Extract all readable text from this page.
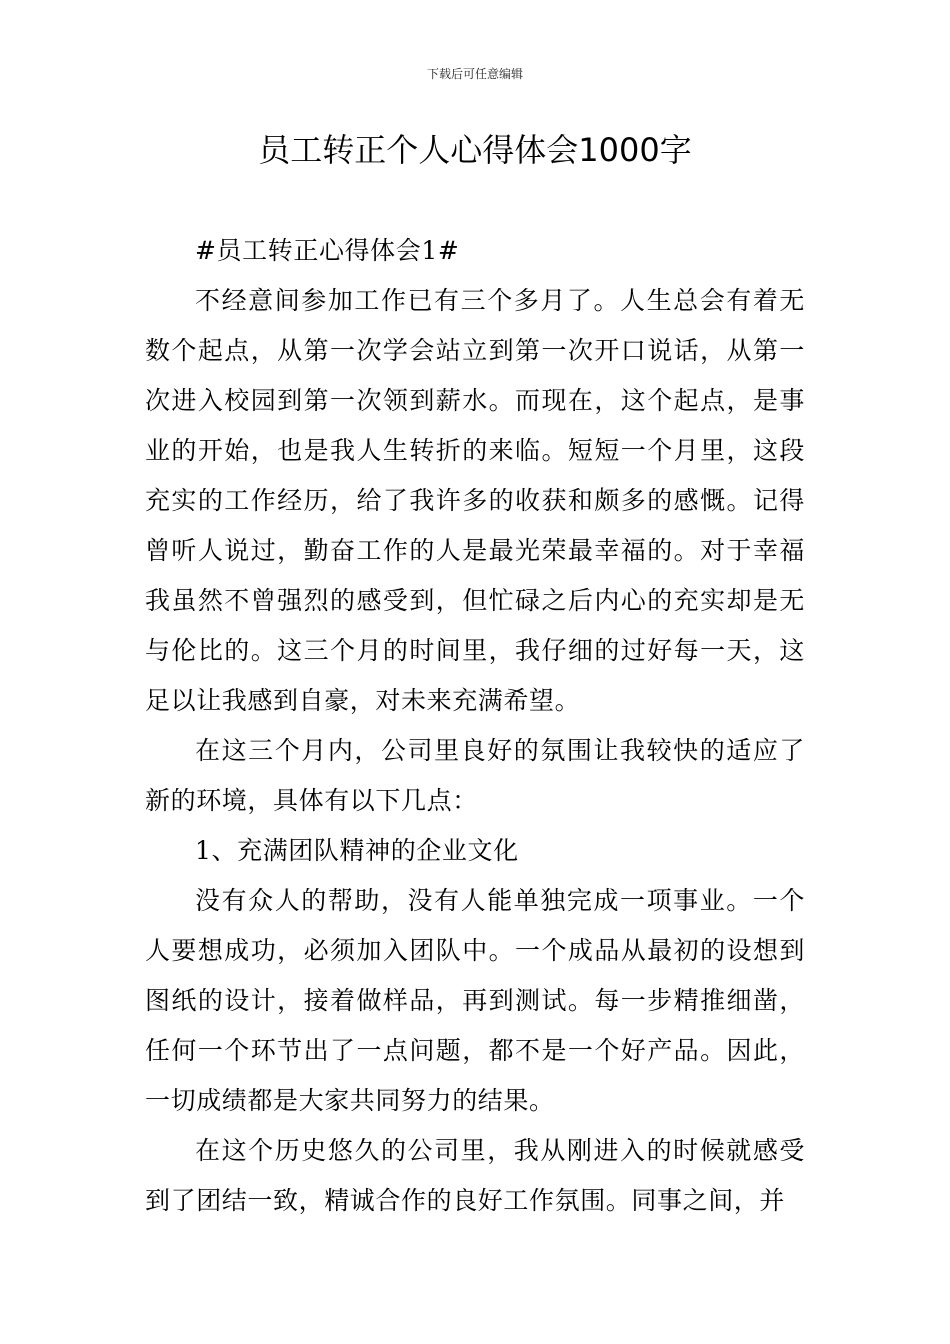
下载后可任意编辑
员工转正个人心得体会1000字

#员工转正心得体会1#

不经意间参加工作已有三个多月了。人生总会有着无数个起点，从第一次学会站立到第一次开口说话，从第一次进入校园到第一次领到薪水。而现在，这个起点，是事业的开始，也是我人生转折的来临。短短一个月里，这段充实的工作经历，给了我许多的收获和颇多的感慨。记得曾听人说过，勤奋工作的人是最光荣最幸福的。对于幸福我虽然不曾强烈的感受到，但忙碌之后内心的充实却是无与伦比的。这三个月的时间里，我仔细的过好每一天，这足以让我感到自豪，对未来充满希望。

在这三个月内，公司里良好的氛围让我较快的适应了新的环境，具体有以下几点：

1、充满团队精神的企业文化

没有众人的帮助，没有人能单独完成一项事业。一个人要想成功，必须加入团队中。一个成品从最初的设想到图纸的设计，接着做样品，再到测试。每一步精推细凿，任何一个环节出了一点问题，都不是一个好产品。因此，一切成绩都是大家共同努力的结果。

在这个历史悠久的公司里，我从刚进入的时候就感受到了团结一致，精诚合作的良好工作氛围。同事之间，并
